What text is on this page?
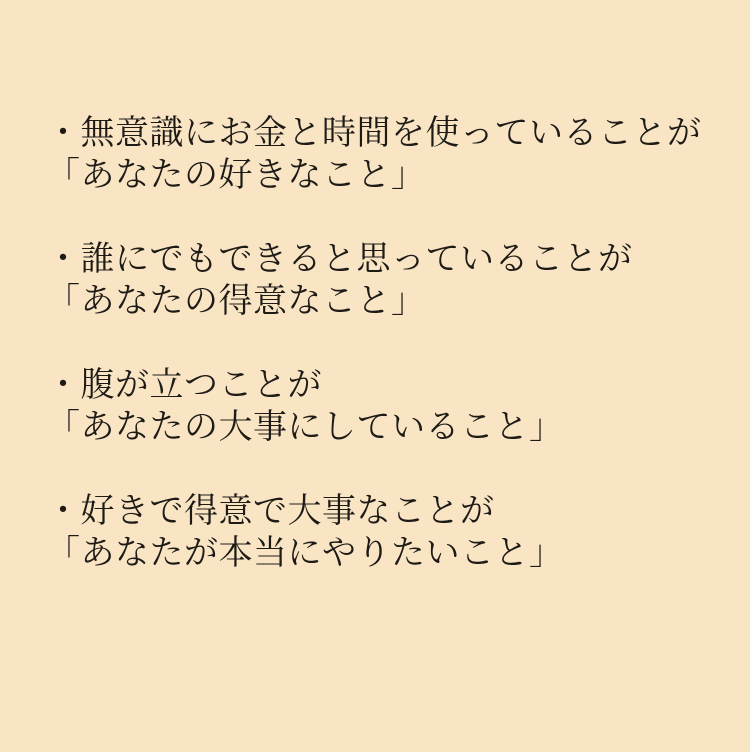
・無意識にお金と時間を使っていることが
「あなたの好きなこと」

・誰にでもできると思っていることが
「あなたの得意なこと」

・腹が立つことが
「あなたの大事にしていること」

・好きで得意で大事なことが
「あなたが本当にやりたいこと」
